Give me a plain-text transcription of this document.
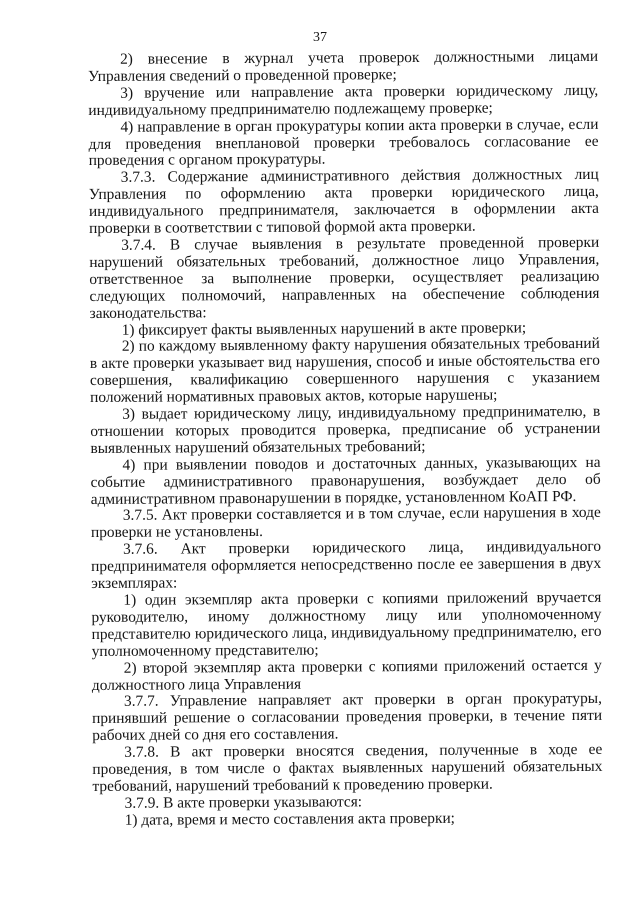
37

2) внесение в журнал учета проверок должностными лицами Управления сведений о проведенной проверке;

3) вручение или направление акта проверки юридическому лицу, индивидуальному предпринимателю подлежащему проверке;

4) направление в орган прокуратуры копии акта проверки в случае, если для проведения внеплановой проверки требовалось согласование ее проведения с органом прокуратуры.

3.7.3. Содержание административного действия должностных лиц Управления по оформлению акта проверки юридического лица, индивидуального предпринимателя, заключается в оформлении акта проверки в соответствии с типовой формой акта проверки.

3.7.4. В случае выявления в результате проведенной проверки нарушений обязательных требований, должностное лицо Управления, ответственное за выполнение проверки, осуществляет реализацию следующих полномочий, направленных на обеспечение соблюдения законодательства:

1) фиксирует факты выявленных нарушений в акте проверки;

2) по каждому выявленному факту нарушения обязательных требований в акте проверки указывает вид нарушения, способ и иные обстоятельства его совершения, квалификацию совершенного нарушения с указанием положений нормативных правовых актов, которые нарушены;

3) выдает юридическому лицу, индивидуальному предпринимателю, в отношении которых проводится проверка, предписание об устранении выявленных нарушений обязательных требований;

4) при выявлении поводов и достаточных данных, указывающих на событие административного правонарушения, возбуждает дело об административном правонарушении в порядке, установленном КоАП РФ.

3.7.5. Акт проверки составляется и в том случае, если нарушения в ходе проверки не установлены.

3.7.6. Акт проверки юридического лица, индивидуального предпринимателя оформляется непосредственно после ее завершения в двух экземплярах:

1) один экземпляр акта проверки с копиями приложений вручается руководителю, иному должностному лицу или уполномоченному представителю юридического лица, индивидуальному предпринимателю, его уполномоченному представителю;

2) второй экземпляр акта проверки с копиями приложений остается у должностного лица Управления

3.7.7. Управление направляет акт проверки в орган прокуратуры, принявший решение о согласовании проведения проверки, в течение пяти рабочих дней со дня его составления.

3.7.8. В акт проверки вносятся сведения, полученные в ходе ее проведения, в том числе о фактах выявленных нарушений обязательных требований, нарушений требований к проведению проверки.

3.7.9. В акте проверки указываются:

1) дата, время и место составления акта проверки;
